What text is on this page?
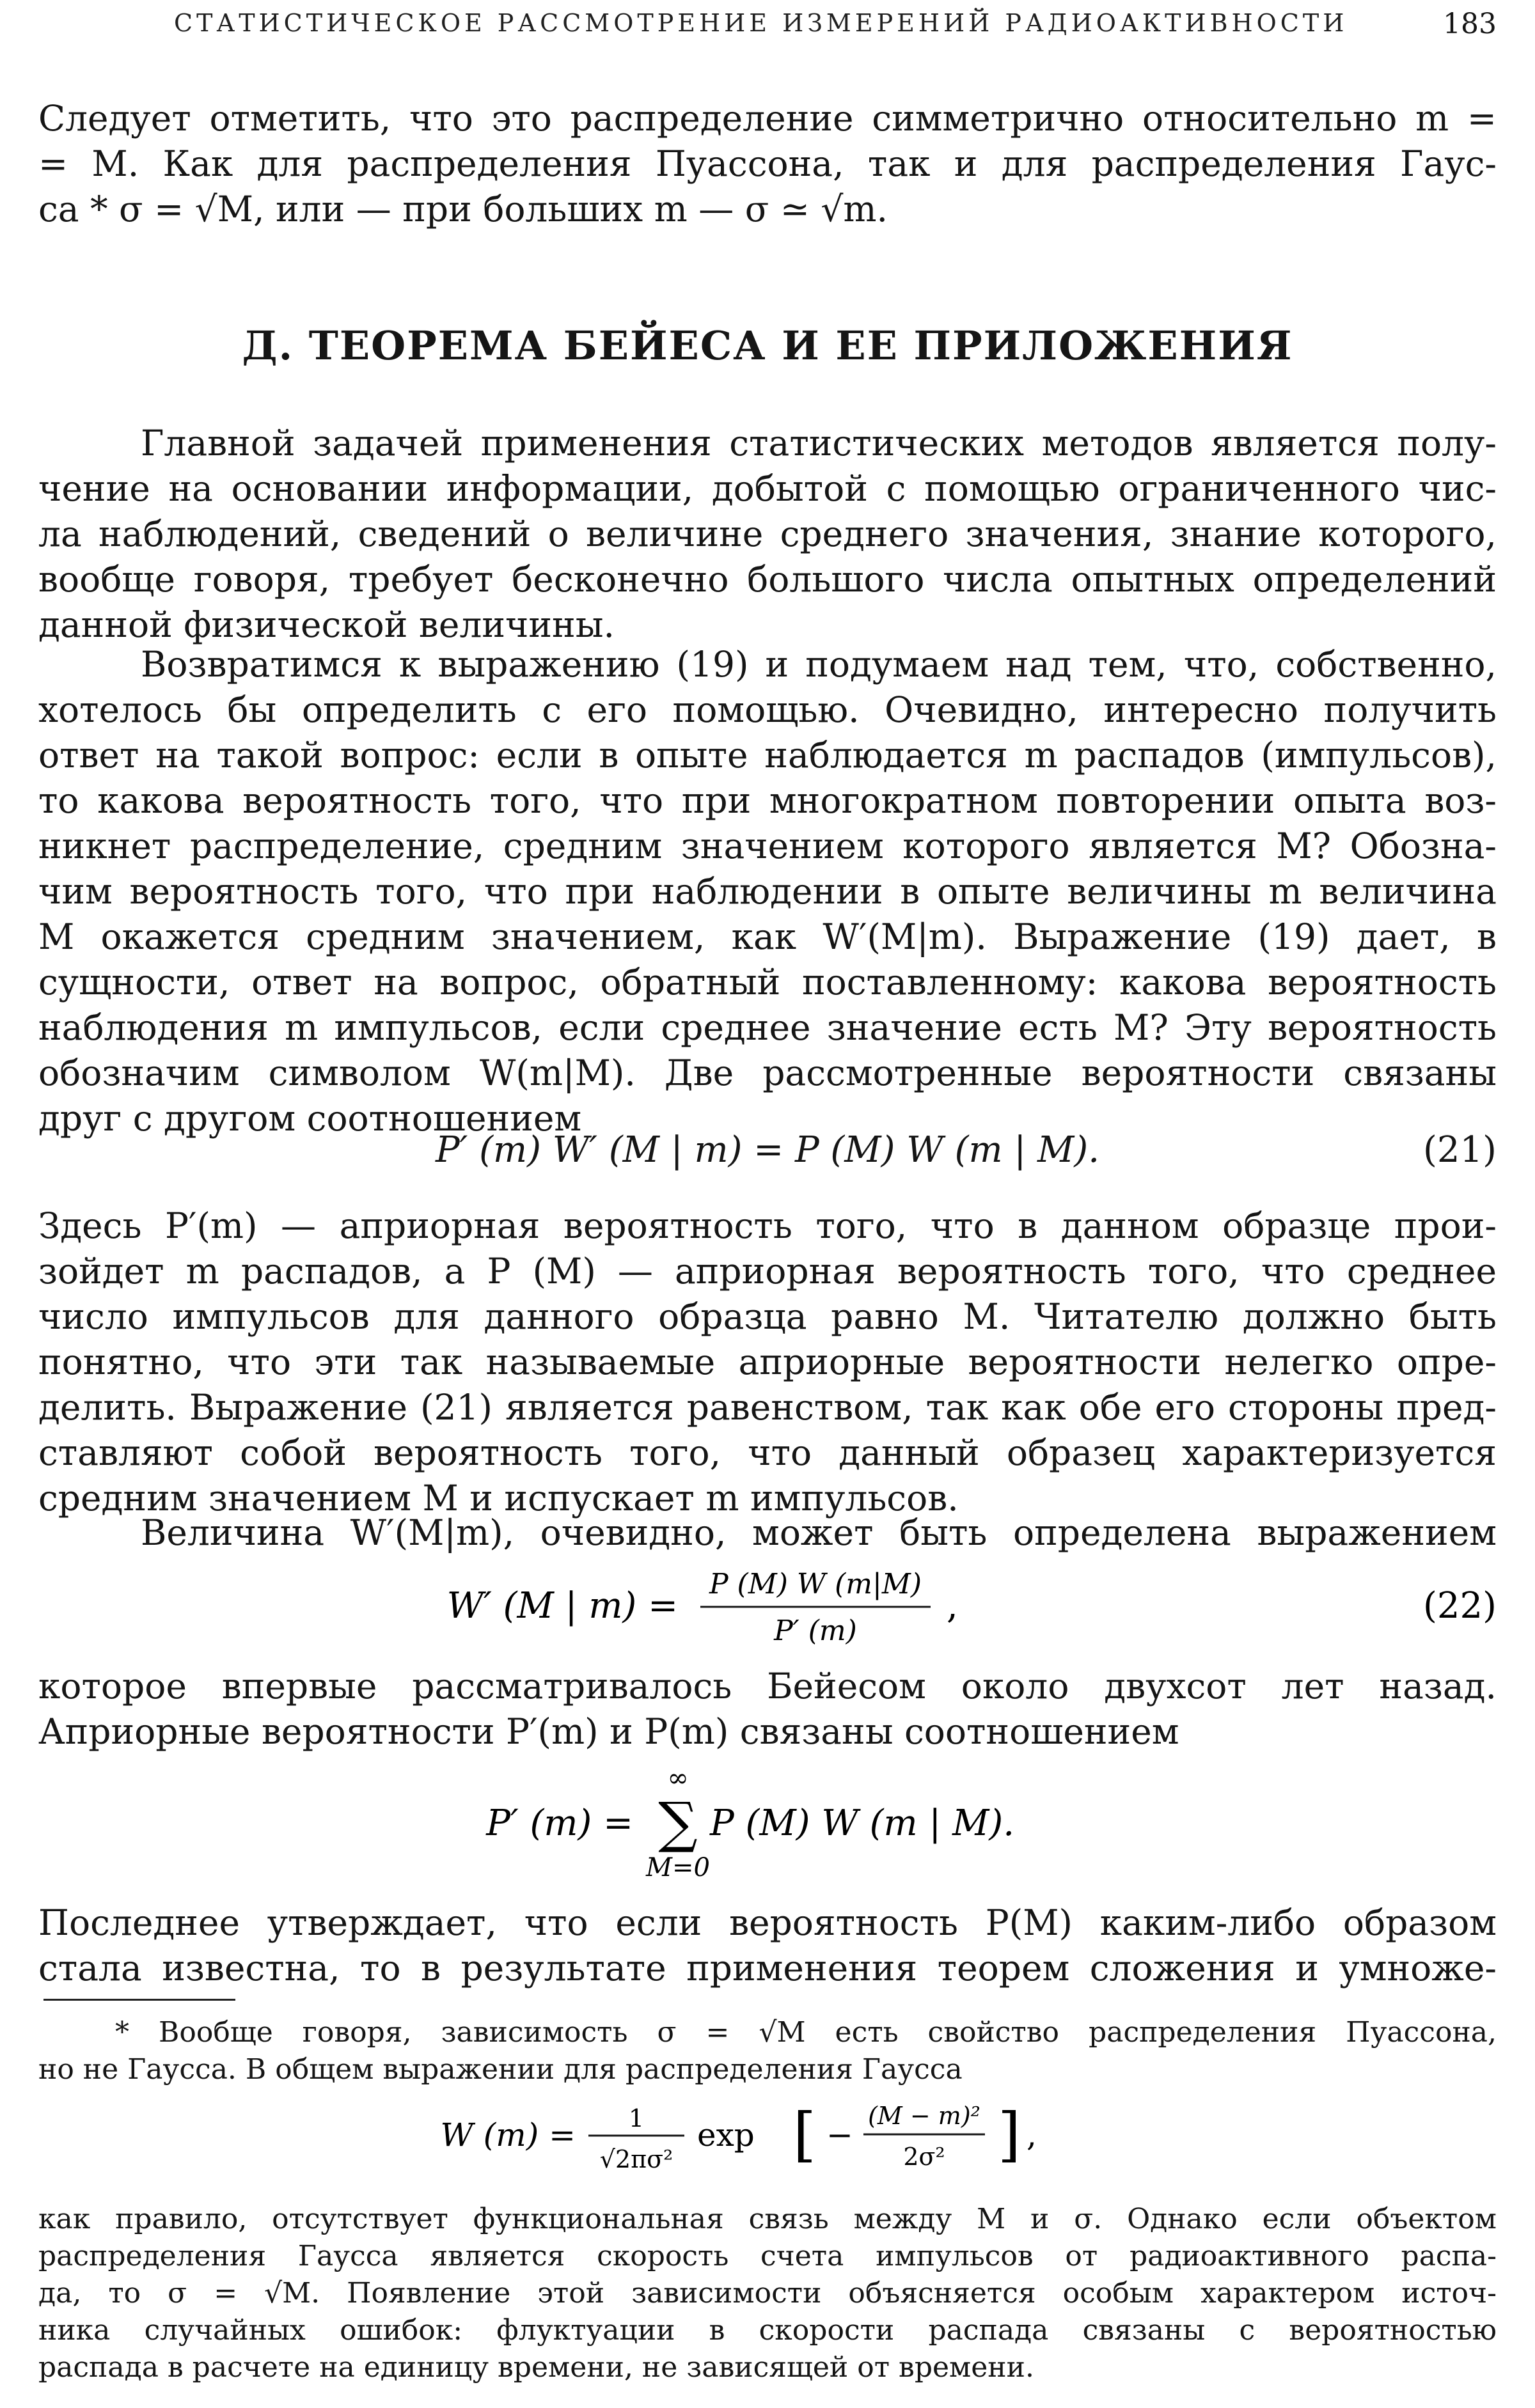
СТАТИСТИЧЕСКОЕ РАССМОТРЕНИЕ ИЗМЕРЕНИЙ РАДИОАКТИВНОСТИ	183
Следует отметить, что это распределение симметрично относительно m =
= M. Как для распределения Пуассона, так и для распределения Гаус-
са * σ = √M, или — при больших m — σ ≃ √m.
Д. ТЕОРЕМА БЕЙЕСА И ЕЕ ПРИЛОЖЕНИЯ
Главной задачей применения статистических методов является полу-
чение на основании информации, добытой с помощью ограниченного чис-
ла наблюдений, сведений о величине среднего значения, знание которого,
вообще говоря, требует бесконечно большого числа опытных определений
данной физической величины.
Возвратимся к выражению (19) и подумаем над тем, что, собственно,
хотелось бы определить с его помощью. Очевидно, интересно получить
ответ на такой вопрос: если в опыте наблюдается m распадов (импульсов),
то какова вероятность того, что при многократном повторении опыта воз-
никнет распределение, средним значением которого является M? Обозна-
чим вероятность того, что при наблюдении в опыте величины m величина
M окажется средним значением, как W′(M|m). Выражение (19) дает, в
сущности, ответ на вопрос, обратный поставленному: какова вероятность
наблюдения m импульсов, если среднее значение есть M? Эту вероятность
обозначим символом W(m|M). Две рассмотренные вероятности связаны
друг с другом соотношением
P′ (m) W′ (M | m) = P (M) W (m | M).	(21)
Здесь P′(m) — априорная вероятность того, что в данном образце прои-
зойдет m распадов, а P (M) — априорная вероятность того, что среднее
число импульсов для данного образца равно M. Читателю должно быть
понятно, что эти так называемые априорные вероятности нелегко опре-
делить. Выражение (21) является равенством, так как обе его стороны пред-
ставляют собой вероятность того, что данный образец характеризуется
средним значением M и испускает m импульсов.
Величина W′(M|m), очевидно, может быть определена выражением
W′ (M | m) =
P (M) W (m|M)
P′ (m)
,	(22)
которое впервые рассматривалось Бейесом около двухсот лет назад.
Априорные вероятности P′(m) и P(m) связаны соотношением
P′ (m) =
∞
∑
M=0
P (M) W (m | M).
Последнее утверждает, что если вероятность P(M) каким-либо образом
стала известна, то в результате применения теорем сложения и умноже-
* Вообще говоря, зависимость σ = √M есть свойство распределения Пуассона,
но не Гаусса. В общем выражении для распределения Гаусса
W (m) = 1
√2πσ²
exp [ −
(M − m)²
2σ² ] ,
как правило, отсутствует функциональная связь между M и σ. Однако если объектом
распределения Гаусса является скорость счета импульсов от радиоактивного распа-
да, то σ = √M. Появление этой зависимости объясняется особым характером источ-
ника случайных ошибок: флуктуации в скорости распада связаны с вероятностью
распада в расчете на единицу времени, не зависящей от времени.
